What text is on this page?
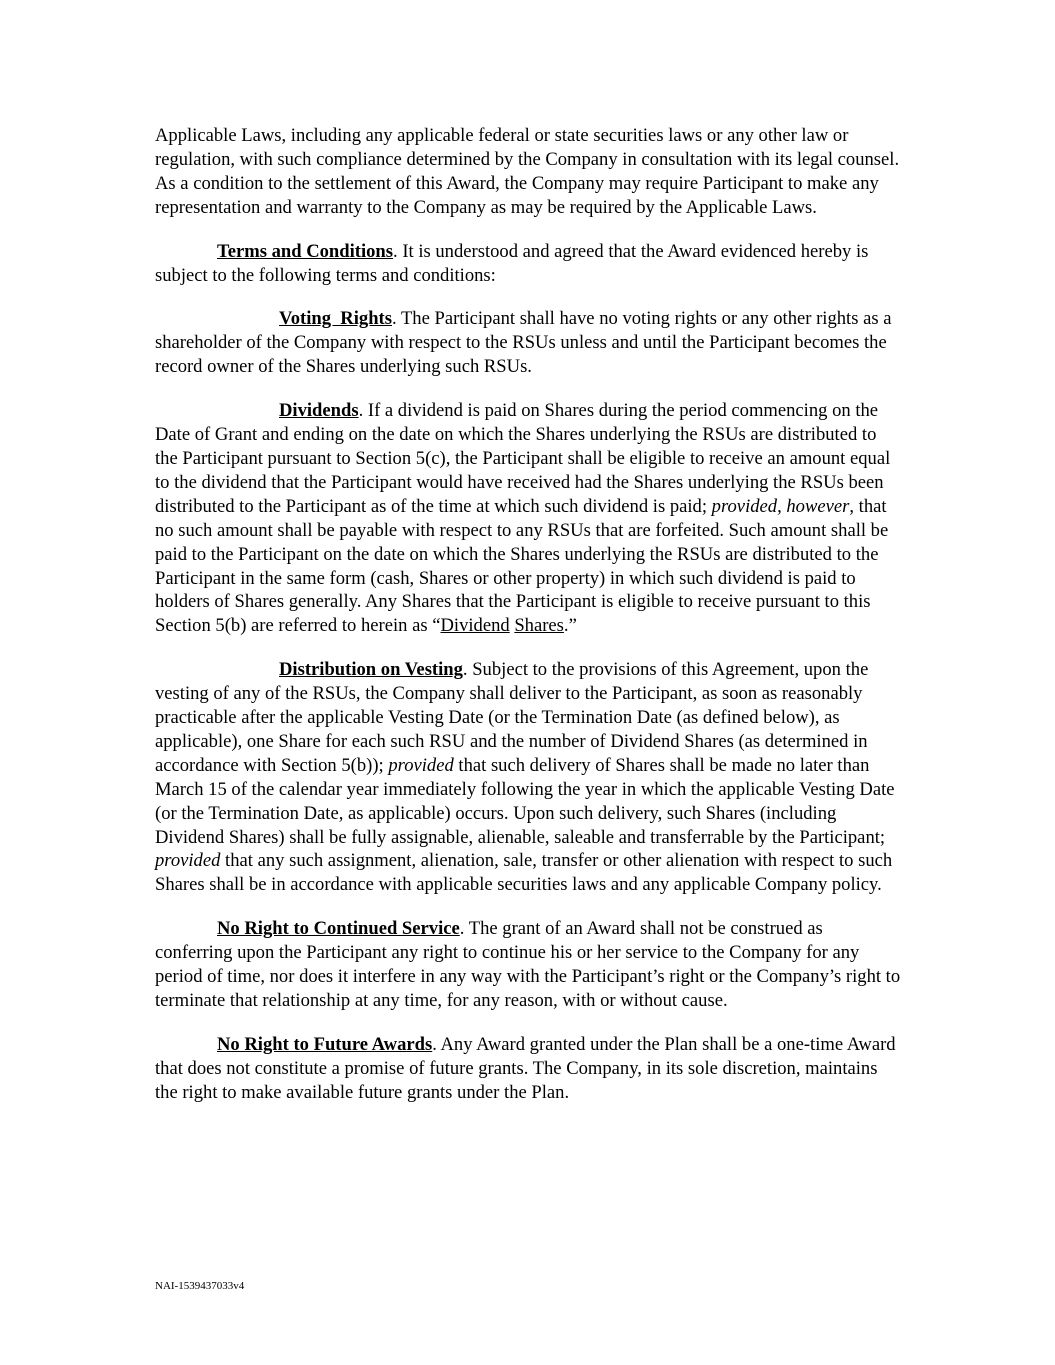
Applicable Laws, including any applicable federal or state securities laws or any other law or regulation, with such compliance determined by the Company in consultation with its legal counsel. As a condition to the settlement of this Award, the Company may require Participant to make any representation and warranty to the Company as may be required by the Applicable Laws.

Terms and Conditions. It is understood and agreed that the Award evidenced hereby is subject to the following terms and conditions:

Voting  Rights. The Participant shall have no voting rights or any other rights as a shareholder of the Company with respect to the RSUs unless and until the Participant becomes the record owner of the Shares underlying such RSUs.

Dividends. If a dividend is paid on Shares during the period commencing on the Date of Grant and ending on the date on which the Shares underlying the RSUs are distributed to the Participant pursuant to Section 5(c), the Participant shall be eligible to receive an amount equal to the dividend that the Participant would have received had the Shares underlying the RSUs been distributed to the Participant as of the time at which such dividend is paid; provided, however, that no such amount shall be payable with respect to any RSUs that are forfeited. Such amount shall be paid to the Participant on the date on which the Shares underlying the RSUs are distributed to the Participant in the same form (cash, Shares or other property) in which such dividend is paid to holders of Shares generally. Any Shares that the Participant is eligible to receive pursuant to this Section 5(b) are referred to herein as “Dividend Shares.”

Distribution on Vesting. Subject to the provisions of this Agreement, upon the vesting of any of the RSUs, the Company shall deliver to the Participant, as soon as reasonably practicable after the applicable Vesting Date (or the Termination Date (as defined below), as applicable), one Share for each such RSU and the number of Dividend Shares (as determined in accordance with Section 5(b)); provided that such delivery of Shares shall be made no later than March 15 of the calendar year immediately following the year in which the applicable Vesting Date (or the Termination Date, as applicable) occurs. Upon such delivery, such Shares (including Dividend Shares) shall be fully assignable, alienable, saleable and transferrable by the Participant; provided that any such assignment, alienation, sale, transfer or other alienation with respect to such Shares shall be in accordance with applicable securities laws and any applicable Company policy.

No Right to Continued Service. The grant of an Award shall not be construed as conferring upon the Participant any right to continue his or her service to the Company for any period of time, nor does it interfere in any way with the Participant’s right or the Company’s right to terminate that relationship at any time, for any reason, with or without cause.

No Right to Future Awards. Any Award granted under the Plan shall be a one-time Award that does not constitute a promise of future grants. The Company, in its sole discretion, maintains the right to make available future grants under the Plan.

NAI-1539437033v4
